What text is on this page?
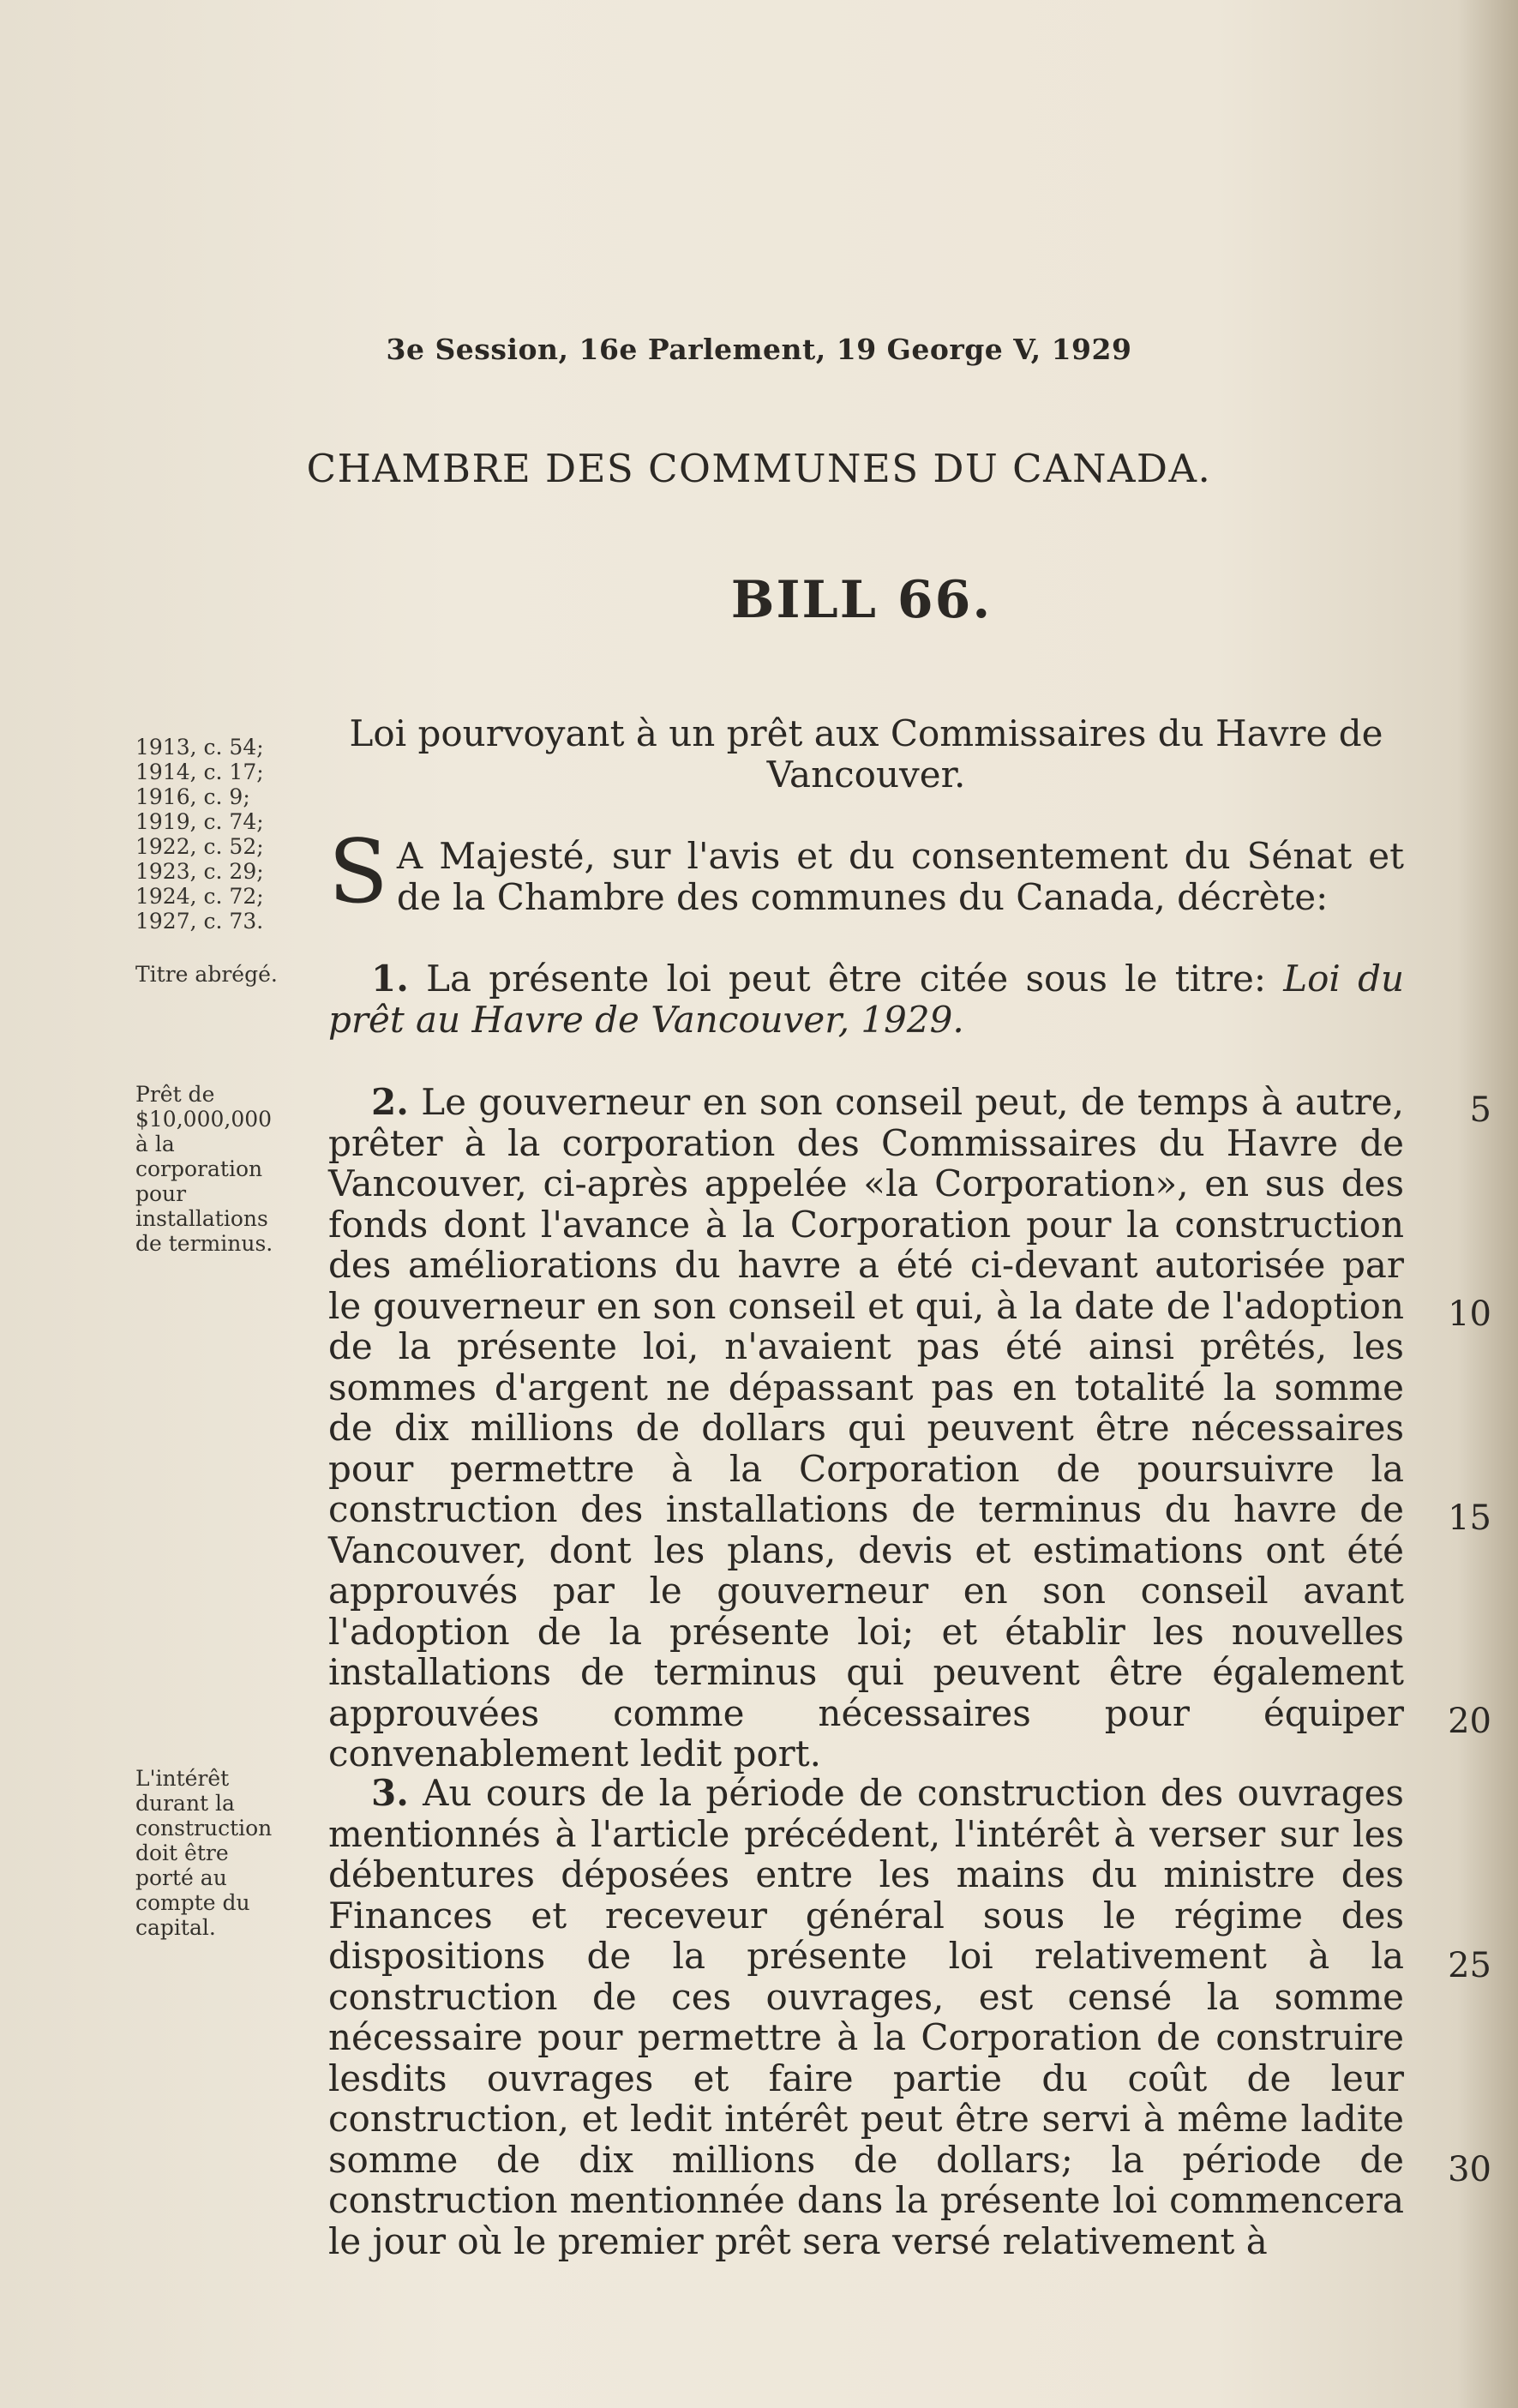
3e Session, 16e Parlement, 19 George V, 1929
CHAMBRE DES COMMUNES DU CANADA.
BILL 66.
1913, c. 54;
1914, c. 17;
1916, c. 9;
1919, c. 74;
1922, c. 52;
1923, c. 29;
1924, c. 72;
1927, c. 73.
Titre abrégé.
Prêt de
$10,000,000
à la
corporation
pour
installations
de terminus.
L'intérêt
durant la
construction
doit être
porté au
compte du
capital.
Loi pourvoyant à un prêt aux Commissaires du Havre de Vancouver.
S A Majesté, sur l'avis et du consentement du Sénat et de la Chambre des communes du Canada, décrète:

1. La présente loi peut être citée sous le titre: Loi du prêt au Havre de Vancouver, 1929.

2. Le gouverneur en son conseil peut, de temps à autre, prêter à la corporation des Commissaires du Havre de Vancouver, ci-après appelée «la Corporation», en sus des fonds dont l'avance à la Corporation pour la construction des améliorations du havre a été ci-devant autorisée par le gouverneur en son conseil et qui, à la date de l'adoption de la présente loi, n'avaient pas été ainsi prêtés, les sommes d'argent ne dépassant pas en totalité la somme de dix millions de dollars qui peuvent être nécessaires pour permettre à la Corporation de poursuivre la construction des installations de terminus du havre de Vancouver, dont les plans, devis et estimations ont été approuvés par le gouverneur en son conseil avant l'adoption de la présente loi; et établir les nouvelles installations de terminus qui peuvent être également approuvées comme nécessaires pour équiper convenablement ledit port.

3. Au cours de la période de construction des ouvrages mentionnés à l'article précédent, l'intérêt à verser sur les débentures déposées entre les mains du ministre des Finances et receveur général sous le régime des dispositions de la présente loi relativement à la construction de ces ouvrages, est censé la somme nécessaire pour permettre à la Corporation de construire lesdits ouvrages et faire partie du coût de leur construction, et ledit intérêt peut être servi à même ladite somme de dix millions de dollars; la période de construction mentionnée dans la présente loi commencera le jour où le premier prêt sera versé relativement à

5
10
15
20
25
30
